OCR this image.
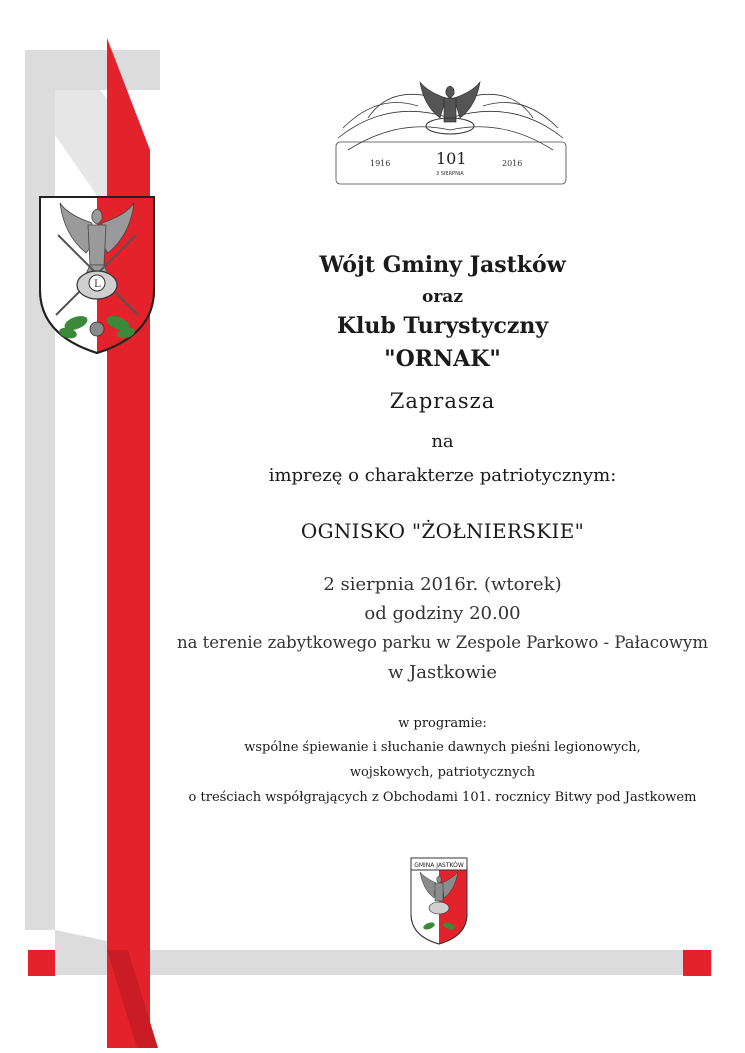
L
1916	101	2016
3 SIERPNIA
Wójt Gminy Jastków
oraz
Klub Turystyczny
"ORNAK"
Zaprasza
na
imprezę o charakterze patriotycznym:
OGNISKO "ŻOŁNIERSKIE"
2 sierpnia 2016r. (wtorek)
od godziny 20.00
na terenie zabytkowego parku w Zespole Parkowo - Pałacowym
w Jastkowie
w programie:
wspólne śpiewanie i słuchanie dawnych pieśni legionowych,
wojskowych, patriotycznych
o treściach współgrających z Obchodami 101. rocznicy Bitwy pod Jastkowem
GMINA JASTKÓW
